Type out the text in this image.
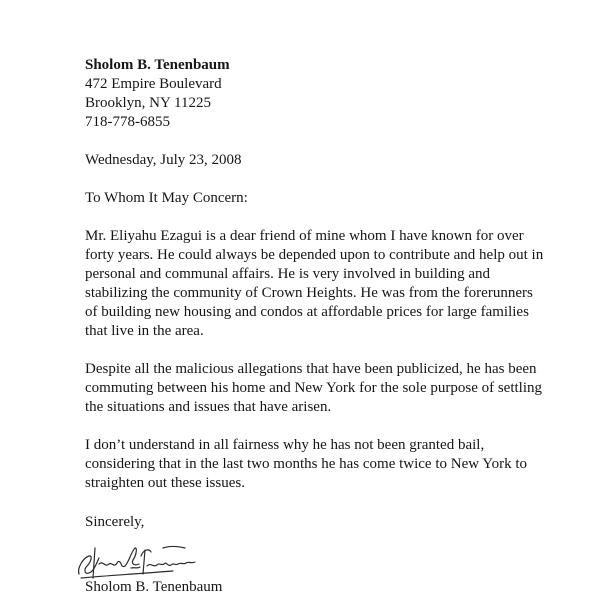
Sholom B. Tenenbaum
472 Empire Boulevard
Brooklyn, NY 11225
718-778-6855
Wednesday, July 23, 2008
To Whom It May Concern:
Mr. Eliyahu Ezagui is a dear friend of mine whom I have known for over
forty years. He could always be depended upon to contribute and help out in
personal and communal affairs. He is very involved in building and
stabilizing the community of Crown Heights. He was from the forerunners
of building new housing and condos at affordable prices for large families
that live in the area.
Despite all the malicious allegations that have been publicized, he has been
commuting between his home and New York for the sole purpose of settling
the situations and issues that have arisen.
I don’t understand in all fairness why he has not been granted bail,
considering that in the last two months he has come twice to New York to
straighten out these issues.
Sincerely,
Sholom B. Tenenbaum
